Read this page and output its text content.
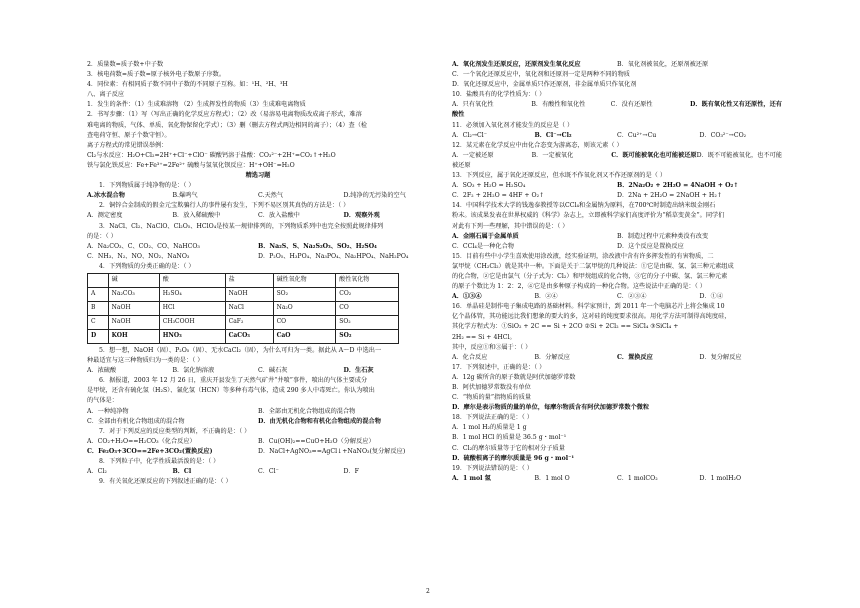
2．质量数=质子数+中子数
3．核电荷数=质子数=原子核外电子数原子序数。
4．同位素：有相同质子数不同中子数的不同原子互称。如：¹H、²H、³H
八、离子反应
1．发生的条件：（1）生成难溶物 （2）生成挥发性的物质（3）生成难电离物质
2．书写步骤：（1）写（写出正确的化学反应方程式）；（2）改（易溶易电离物质改成离子形式，难溶
难电离的物质，气体、单质、氧化物保留化学式）；（3）删（删去方程式两边相同的离子）；（4）查（检
查电荷守恒、原子个数守恒）。
离子方程式的常见错误举例：
Cl₂与水反应：H₂O+Cl₂=2H⁺+Cl⁻+ClO⁻ 碳酸钙溶于盐酸：CO₃²⁻+2H⁺=CO₂↑+H₂O
铁与氯化铁反应：Fe+Fe³⁺=2Fe²⁺ 硫酸与氢氧化钡反应：H⁺+OH⁻=H₂O
精选习题
1．下列物质属于纯净物的是：（ ）
A.冰水混合物	B.爆鸣气	C.天然气	D.纯净的无污染的空气
2．铜锌合金制成的假金元宝欺骗行人的事件屡有发生，下列不易区别其真伪的方法是：（ ）
A．测定密度	B．放入稀硫酸中	C．放入盐酸中	D．观察外观
3．NaCl、Cl₂、NaClO、Cl₂O₅、HClO₄是按某一规律排列的，下列物质系列中也完全按照此规律排列
的是：（ ）
A．Na₂CO₃、C、CO₂、CO、NaHCO₃	B．Na₂S、S、Na₂S₂O₃、SO₂、H₂SO₄
C．NH₃、N₂、NO、NO₂、NaNO₃	D．P₂O₅、H₃PO₄、Na₃PO₄、Na₂HPO₄、NaH₂PO₄
4．下列物质的分类正确的是：（ ）
	碱	酸	盐	碱性氧化物	酸性氧化物
A	Na₂CO₃	H₂SO₄	NaOH	SO₂	CO₂
B	NaOH	HCl	NaCl	Na₂O	CO
C	NaOH	CH₃COOH	CaF₂	CO	SO₂
D	KOH	HNO₃	CaCO₃	CaO	SO₂
5．想一想，NaOH（固）、P₂O₅（固）、无水CaCl₂（固），为什么可归为一类。据此从 A～D 中选出一
种最适宜与这三种物质归为一类的是：（ ）
A．浓硫酸	B．氯化钠溶液	C．碱石灰	D．生石灰
6．据报道，2003 年 12 月 26 日，重庆开县发生了天然气矿井“井喷”事件，喷出的气体主要成分
是甲烷，还含有硫化氢（H₂S）、氰化氢（HCN）等多种有毒气体，造成 290 多人中毒死亡。你认为喷出
的气体是：
A．一种纯净物	B．全部由无机化合物组成的混合物
C．全部由有机化合物组成的混合物	D．由无机化合物和有机化合物组成的混合物
7．对于下列反应的反应类型的判断，不正确的是：（ ）
A．CO₂+H₂O==H₂CO₃（化合反应）	B．Cu(OH)₂==CuO+H₂O（分解反应）
C．Fe₂O₃+3CO==2Fe+3CO₂(置换反应)	D．NaCl+AgNO₃==AgCl↓+NaNO₃(复分解反应)
8．下列粒子中，化学性质最活泼的是：（ ）
A．Cl₂	B．Cl	C．Cl⁻	D．F
9．有关氧化还原反应的下列叙述正确的是：（ ）
A．氧化剂发生还原反应，还原剂发生氧化反应	B．氧化剂被氧化，还原剂被还原
C．一个氧化还原反应中，氧化剂和还原剂一定是两种不同的物质
D．氧化还原反应中，金属单质只作还原剂，非金属单质只作氧化剂
10．盐酸具有的化学性质为：（ ）
A．只有氧化性	B．有酸性和氧化性	C．没有还原性	D．既有氧化性又有还原性，还有
酸性
11．必须加入氧化剂才能发生的反应是（ ）
A．Cl₂→Cl⁻	B．Cl⁻→Cl₂	C．Cu²⁺→Cu	D．CO₃²⁻→CO₂
12．某元素在化学反应中由化合态变为游离态，则该元素（ ）
A．一定被还原	B．一定被氧化	C．既可能被氧化也可能被还原 D．既不可能被氧化，也不可能
被还原
13．下列反应，属于氧化还原反应，但水既不作氧化剂又不作还原剂的是（ ）
A．SO₃ + H₂O = H₂SO₄	B．2Na₂O₂ + 2H₂O = 4NaOH + O₂↑
C．2F₂ + 2H₂O = 4HF + O₂↑	D．2Na + 2H₂O = 2NaOH + H₂↑
14．中国科学技术大学的钱逸泰教授等以CCl₄和金属钠为原料，在700℃时制造出纳米级金刚石
粉末。该成果发表在世界权威的《科学》杂志上，立即被科学家们高度评价为“稻草变黄金”。同学们
对此有下列一些理解，其中错误的是：（ ）
A．金刚石属于金属单质	B．制造过程中元素种类没有改变
C．CCl₄是一种化合物	D．这个反应是置换反应
15．目前有些中小学生喜欢使用涂改液，经实验证明，涂改液中含有许多挥发性的有害物质，二
氯甲烷（CH₂Cl₂）就是其中一种。下面是关于二氯甲烷的几种说法：①它是由碳、氢、氯三种元素组成
的化合物，②它是由氯气（分子式为：Cl₂）和甲烷组成的化合物，③它的分子中碳、氢、氯三种元素
的原子个数比为 1：2：2，④它是由多种原子构成的一种化合物。这些说法中正确的是：（ ）
A．①③④	B．②④	C．②③④	D．①④
16．单晶硅是制作电子集成电路的基础材料。科学家预计，到 2011 年一个电脑芯片上将会集成 10
亿个晶体管，其功能远比我们想象的要大的多，这对硅的纯度要求很高。用化学方法可制得高纯度硅，
其化学方程式为：①SiO₂ + 2C == Si + 2CO ②Si + 2Cl₂ == SiCl₄ ③SiCl₄ +
2H₂ == Si + 4HCl。
其中，反应①和③属于：（ ）
A．化合反应	B．分解反应	C．置换反应	D．复分解反应
17．下列叙述中，正确的是：（ ）
A．12g 碳所含的原子数就是阿伏加德罗常数
B．阿伏加德罗常数没有单位
C．“物质的量”指物质的质量
D．摩尔是表示物质的量的单位，每摩尔物质含有阿伏加德罗常数个微粒
18．下列说法正确的是：（ ）
A．1 mol H₂的质量是 1 g
B．1 mol HCl 的质量是 36.5 g・mol⁻¹
C．Cl₂的摩尔质量等于它的相对分子质量
D．硫酸根离子的摩尔质量是 96 g・mol⁻¹
19．下列说法错误的是：（ ）
A．1 mol 氢	B．1 mol O	C．1 molCO₂	D．1 molH₂O
2
